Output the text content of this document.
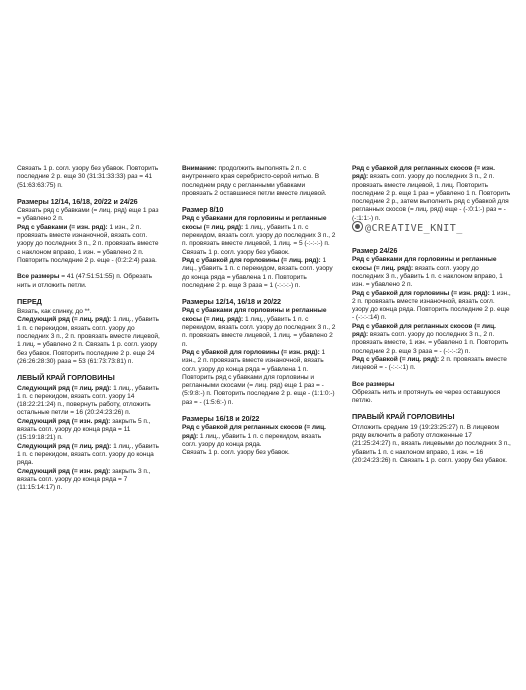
Связать 1 р. согл. узору без убавок. Повторить последние 2 р. еще 30 (31:31:33:33) раз = 41 (51:63:63:75) п.

Размеры 12/14, 16/18, 20/22 и 24/26
Связать ряд с убавками (= лиц. ряд) еще 1 раз = убавлено 2 п.
Ряд с убавками (= изн. ряд): 1 изн., 2 п. провязать вместе изнаночной, вязать согл. узору до последних 3 п., 2 п. провязать вместе с наклоном вправо, 1 изн. = убавлено 2 п. Повторить последние 2 р. еще - (0:2:2:4) раза.

Все размеры = 41 (47:51:51:55) п. Обрезать нить и отложить петли.

ПЕРЕД
Вязать, как спинку, до **.
Следующий ряд (= лиц. ряд): 1 лиц., убавить 1 п. с перекидом, вязать согл. узору до последних 3 п., 2 п. провязать вместе лицевой, 1 лиц. = убавлено 2 п. Связать 1 р. согл. узору без убавок. Повторить последние 2 р. еще 24 (26:26:28:30) раза = 53 (61:73:73:81) п.

ЛЕВЫЙ КРАЙ ГОРЛОВИНЫ
Следующий ряд (= лиц. ряд): 1 лиц., убавить 1 п. с перекидом, вязать согл. узору 14 (18:22:21:24) п., повернуть работу, отложить остальные петли = 16 (20:24:23:26) п.
Следующий ряд (= изн. ряд): закрыть 5 п., вязать согл. узору до конца ряда = 11 (15:19:18:21) п.
Следующий ряд (= лиц. ряд): 1 лиц., убавить 1 п. с перекидом, вязать согл. узору до конца ряда.
Следующий ряд (= изн. ряд): закрыть 3 п., вязать согл. узору до конца ряда = 7 (11:15:14:17) п.

Внимание: продолжить выполнять 2 п. с внутреннего края серебристо-серой нитью. В последнем ряду с регланными убавками провязать 2 оставшиеся петли вместе лицевой.

Размер 8/10
Ряд с убавками для горловины и регланные скосы (= лиц. ряд): 1 лиц., убавить 1 п. с перекидом, вязать согл. узору до последних 3 п., 2 п. провязать вместе лицевой, 1 лиц. = 5 (-:-:-:-) п. Связать 1 р. согл. узору без убавок.
Ряд с убавкой для горловины (= лиц. ряд): 1 лиц., убавить 1 п. с перекидом, вязать согл. узору до конца ряда = убавлена 1 п. Повторить последние 2 р. еще 3 раза = 1 (-:-:-:-) п.

Размеры 12/14, 16/18 и 20/22
Ряд с убавками для горловины и регланные скосы (= лиц. ряд): 1 лиц., убавить 1 п. с перекидом, вязать согл. узору до последних 3 п., 2 п. провязать вместе лицевой, 1 лиц. = убавлено 2 п.
Ряд с убавкой для горловины (= изн. ряд): 1 изн., 2 п. провязать вместе изнаночной, вязать согл. узору до конца ряда = убавлена 1 п. Повторить ряд с убавками для горловины и регланными скосами (= лиц. ряд) еще 1 раз = - (5:9:8:-) п. Повторить последние 2 р. еще - (1:1:0:-) раз = - (1:5:6:-) п.

Размеры 16/18 и 20/22
Ряд с убавкой для регланных скосов (= лиц. ряд): 1 лиц., убавить 1 п. с перекидом, вязать согл. узору до конца ряда.
Связать 1 р. согл. узору без убавок.

Ряд с убавкой для регланных скосов (= изн. ряд): вязать согл. узору до последних 3 п., 2 п. провязать вместе лицевой, 1 лиц. Повторить последние 2 р. еще 1 раз = убавлено 1 п. Повторить последние 2 р., затем выполнить ряд с убавкой для регланных скосов (= лиц. ряд) еще - (-:0:1:-) раз = - (-:1:1:-) п.

Размер 24/26
Ряд с убавками для горловины и регланные скосы (= лиц. ряд): вязать согл. узору до последних 3 п., убавить 1 п. с наклоном вправо, 1 изн. = убавлено 2 п.
Ряд с убавкой для горловины (= изн. ряд): 1 изн., 2 п. провязать вместе изнаночной, вязать согл. узору до конца ряда. Повторить последние 2 р. еще - (-:-:-:14) п.
Ряд с убавкой для регланных скосов (= лиц. ряд): вязать согл. узору до последних 3 п., 2 п. провязать вместе, 1 изн. = убавлено 1 п. Повторить последние 2 р. еще 3 раза = - (-:-:-:2) п.
Ряд с убавкой (= лиц. ряд): 2 п. провязать вместе лицевой = - (-:-:-:1) п.

Все размеры
Обрезать нить и протянуть ее через оставшуюся петлю.

ПРАВЫЙ КРАЙ ГОРЛОВИНЫ
Отложить средние 19 (19:23:25:27) п. В лицевом ряду включить в работу отложенные 17 (21:25:24:27) п., вязать лицевыми до последних 3 п., убавить 1 п. с наклоном вправо, 1 изн. = 16 (20:24:23:26) п. Связать 1 р. согл. узору без убавок.

@CREATIVE_KNIT_
